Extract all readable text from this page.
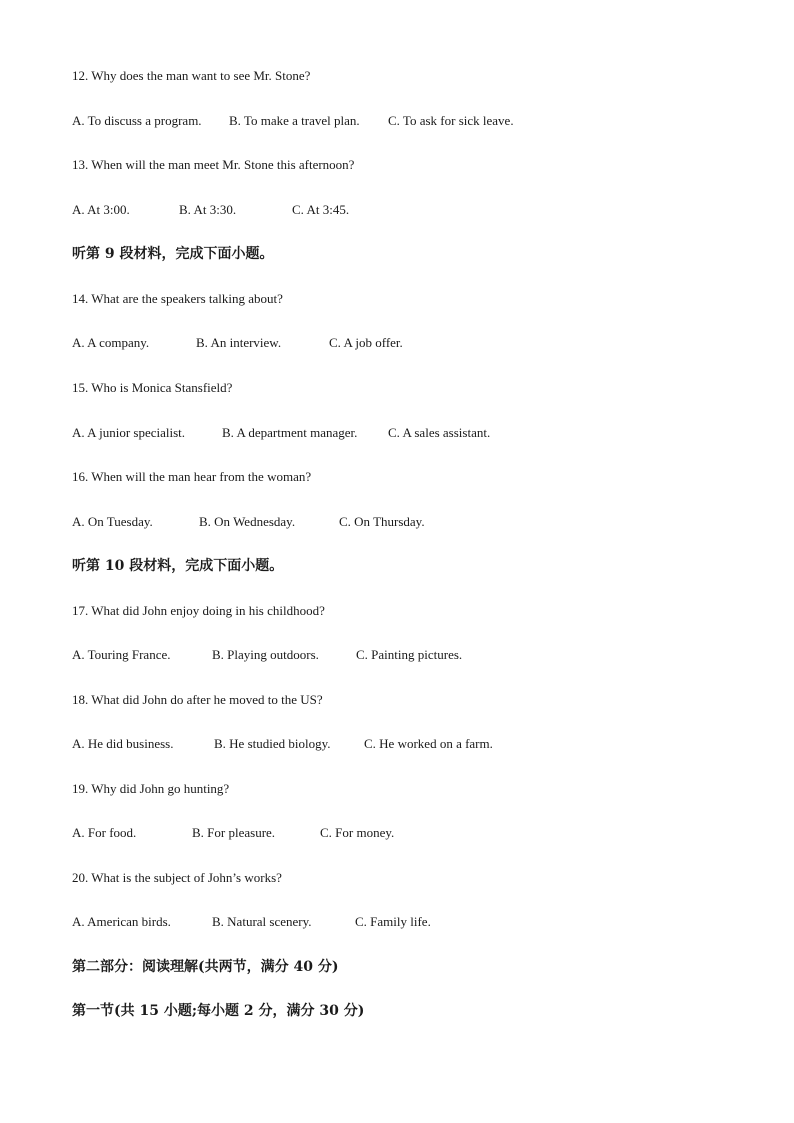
12. Why does the man want to see Mr. Stone?
A. To discuss a program. B. To make a travel plan. C. To ask for sick leave.
13. When will the man meet Mr. Stone this afternoon?
A. At 3:00.	B. At 3:30.	C. At 3:45.
听第 9 段材料，完成下面小题。
14. What are the speakers talking about?
A. A company.	B. An interview.	C. A job offer.
15. Who is Monica Stansfield?
A. A junior specialist.	B. A department manager. C. A sales assistant.
16. When will the man hear from the woman?
A. On Tuesday.	B. On Wednesday.	C. On Thursday.
听第 10 段材料，完成下面小题。
17. What did John enjoy doing in his childhood?
A. Touring France.	B. Playing outdoors.	C. Painting pictures.
18. What did John do after he moved to the US?
A. He did business.	B. He studied biology.	C. He worked on a farm.
19. Why did John go hunting?
A. For food.	B. For pleasure.	C. For money.
20. What is the subject of John’s works?
A. American birds.	B. Natural scenery.	C. Family life.
第二部分：阅读理解(共两节，满分 40 分)
第一节(共 15 小题;每小题 2 分，满分 30 分)
